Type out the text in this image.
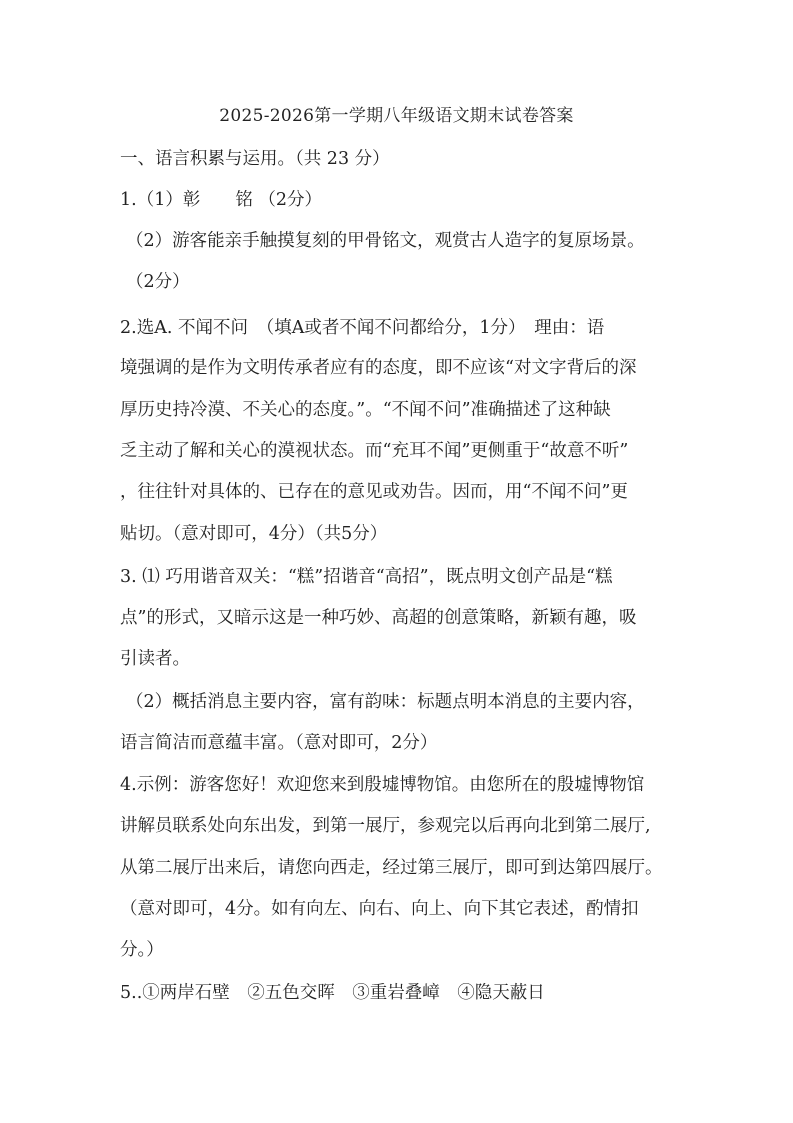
2025-2026第一学期八年级语文期末试卷答案
一、语言积累与运用。（共 23 分）
1.（1）彰　　铭 （2分）
（2）游客能亲手触摸复刻的甲骨铭文，观赏古人造字的复原场景。
（2分）
2.选A. 不闻不问　（填A或者不闻不问都给分，1分）　理由：语
境强调的是作为文明传承者应有的态度，即不应该“对文字背后的深
厚历史持冷漠、不关心的态度。”。“不闻不问”准确描述了这种缺
乏主动了解和关心的漠视状态。而“充耳不闻”更侧重于“故意不听”
，往往针对具体的、已存在的意见或劝告。因而，用“不闻不问”更
贴切。（意对即可，4分）（共5分）
3. ⑴ 巧用谐音双关：“糕”招谐音“高招”，既点明文创产品是“糕
点”的形式，又暗示这是一种巧妙、高超的创意策略，新颖有趣，吸
引读者。
（2）概括消息主要内容，富有韵味：标题点明本消息的主要内容，
语言简洁而意蕴丰富。（意对即可，2分）
4.示例：游客您好！欢迎您来到殷墟博物馆。由您所在的殷墟博物馆
讲解员联系处向东出发，到第一展厅，参观完以后再向北到第二展厅,
从第二展厅出来后，请您向西走，经过第三展厅，即可到达第四展厅。
（意对即可，4分。如有向左、向右、向上、向下其它表述，酌情扣
分。）
5..①两岸石壁　②五色交晖　③重岩叠嶂　④隐天蔽日
